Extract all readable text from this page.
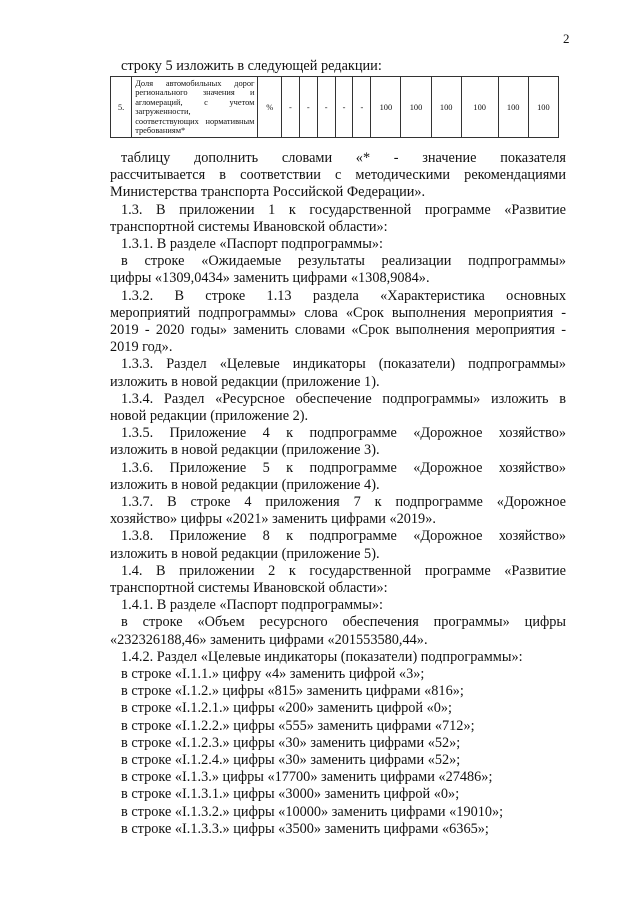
2
строку 5 изложить в следующей редакции:
5.	Доля автомобильных дорог регионального значения и агломераций, с учетом загруженности, соответствующих нормативным требованиям*	%	-	-	-	-	-	100	100	100	100	100	100
таблицу дополнить словами «* - значение показателя
рассчитывается в соответствии с методическими рекомендациями
Министерства транспорта Российской Федерации».
1.3. В приложении 1 к государственной программе «Развитие
транспортной системы Ивановской области»:
1.3.1. В разделе «Паспорт подпрограммы»:
в строке «Ожидаемые результаты реализации подпрограммы»
цифры «1309,0434» заменить цифрами «1308,9084».
1.3.2. В строке 1.13 раздела «Характеристика основных
мероприятий подпрограммы» слова «Срок выполнения мероприятия -
2019 - 2020 годы» заменить словами «Срок выполнения мероприятия -
2019 год».
1.3.3. Раздел «Целевые индикаторы (показатели) подпрограммы»
изложить в новой редакции (приложение 1).
1.3.4. Раздел «Ресурсное обеспечение подпрограммы» изложить в
новой редакции (приложение 2).
1.3.5. Приложение 4 к подпрограмме «Дорожное хозяйство»
изложить в новой редакции (приложение 3).
1.3.6. Приложение 5 к подпрограмме «Дорожное хозяйство»
изложить в новой редакции (приложение 4).
1.3.7. В строке 4 приложения 7 к подпрограмме «Дорожное
хозяйство» цифры «2021» заменить цифрами «2019».
1.3.8. Приложение 8 к подпрограмме «Дорожное хозяйство»
изложить в новой редакции (приложение 5).
1.4. В приложении 2 к государственной программе «Развитие
транспортной системы Ивановской области»:
1.4.1. В разделе «Паспорт подпрограммы»:
в строке «Объем ресурсного обеспечения программы» цифры
«232326188,46» заменить цифрами «201553580,44».
1.4.2. Раздел «Целевые индикаторы (показатели) подпрограммы»:
в строке «I.1.1.» цифру «4» заменить цифрой «3»;
в строке «I.1.2.» цифры «815» заменить цифрами «816»;
в строке «I.1.2.1.» цифры «200» заменить цифрой «0»;
в строке «I.1.2.2.» цифры «555» заменить цифрами «712»;
в строке «I.1.2.3.» цифры «30» заменить цифрами «52»;
в строке «I.1.2.4.» цифры «30» заменить цифрами «52»;
в строке «I.1.3.» цифры «17700» заменить цифрами «27486»;
в строке «I.1.3.1.» цифры «3000» заменить цифрой «0»;
в строке «I.1.3.2.» цифры «10000» заменить цифрами «19010»;
в строке «I.1.3.3.» цифры «3500» заменить цифрами «6365»;
